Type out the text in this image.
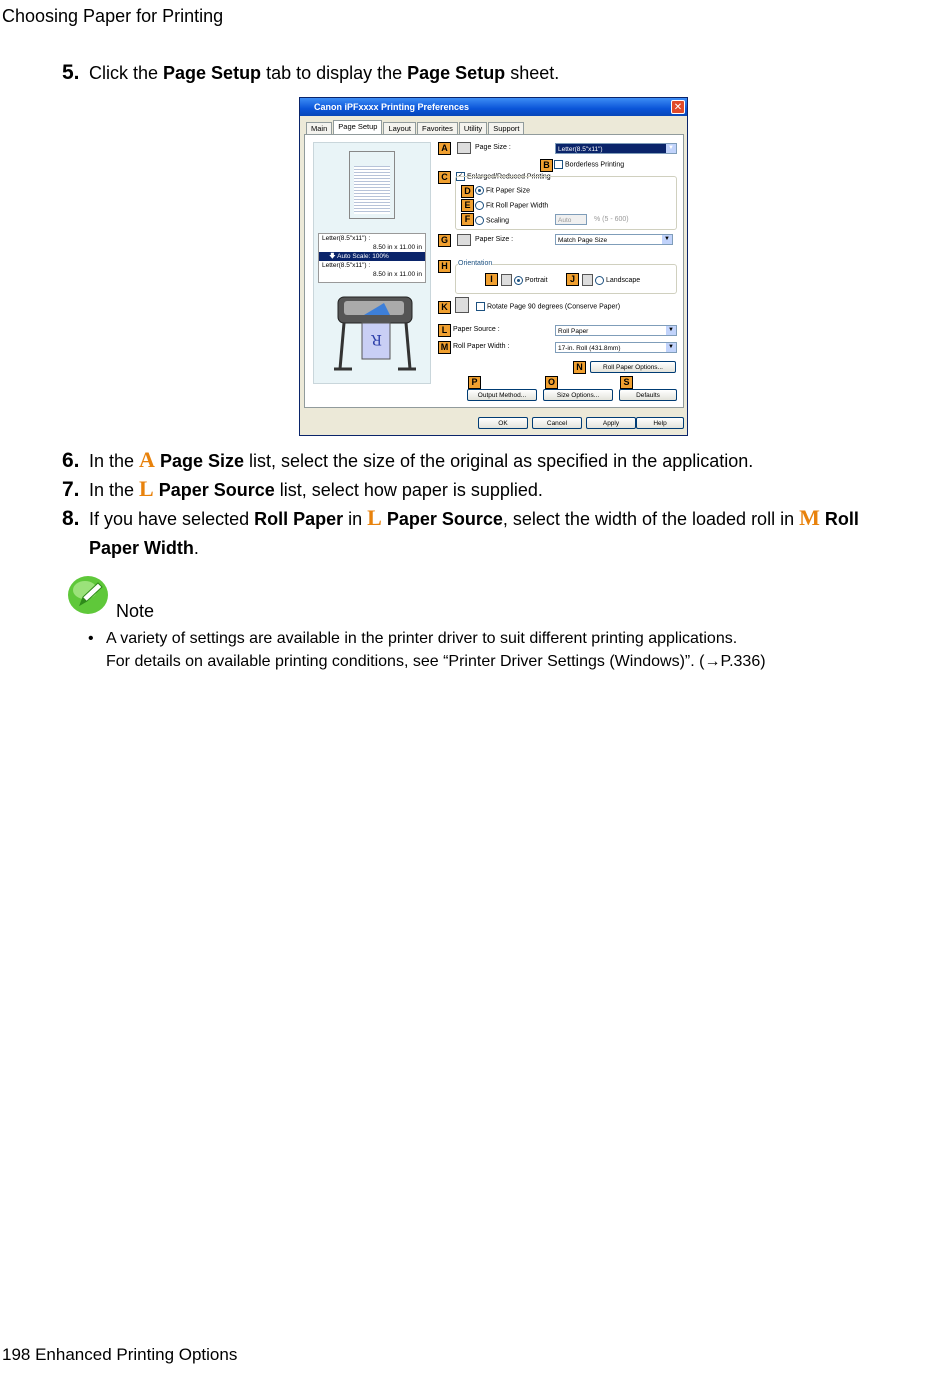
Choosing Paper for Printing
5. Click the Page Setup tab to display the Page Setup sheet.
Canon iPFxxxx Printing Preferences	✕
Main	Page Setup	Layout	Favorites	Utility	Support
Letter(8.5"x11") :
8.50 in x 11.00 in
🡇 Auto Scale: 100%
Letter(8.5"x11") :
8.50 in x 11.00 in
R
A	Page Size :	Letter(8.5"x11")	▼
B	Borderless Printing
C	✓ Enlarged/Reduced Printing
D	Fit Paper Size
E	Fit Roll Paper Width
F	Scaling	Auto	% (5 - 600)
G	Paper Size :	Match Page Size	▼
H	Orientation
I	Portrait	J	Landscape
K	Rotate Page 90 degrees (Conserve Paper)
L Paper Source :	Roll Paper	▼
M Roll Paper Width :	17-in. Roll (431.8mm)	▼
N	Roll Paper Options...
P	O	S
Output Method...	Size Options...	Defaults
OK	Cancel	Apply	Help
6. In the A Page Size list, select the size of the original as specified in the application.
7. In the L Paper Source list, select how paper is supplied.
8. If you have selected Roll Paper in L Paper Source, select the width of the loaded roll in M Roll
Paper Width.
Note
• A variety of settings are available in the printer driver to suit different printing applications.
For details on available printing conditions, see “Printer Driver Settings (Windows)”. (→P.336)
198 Enhanced Printing Options
